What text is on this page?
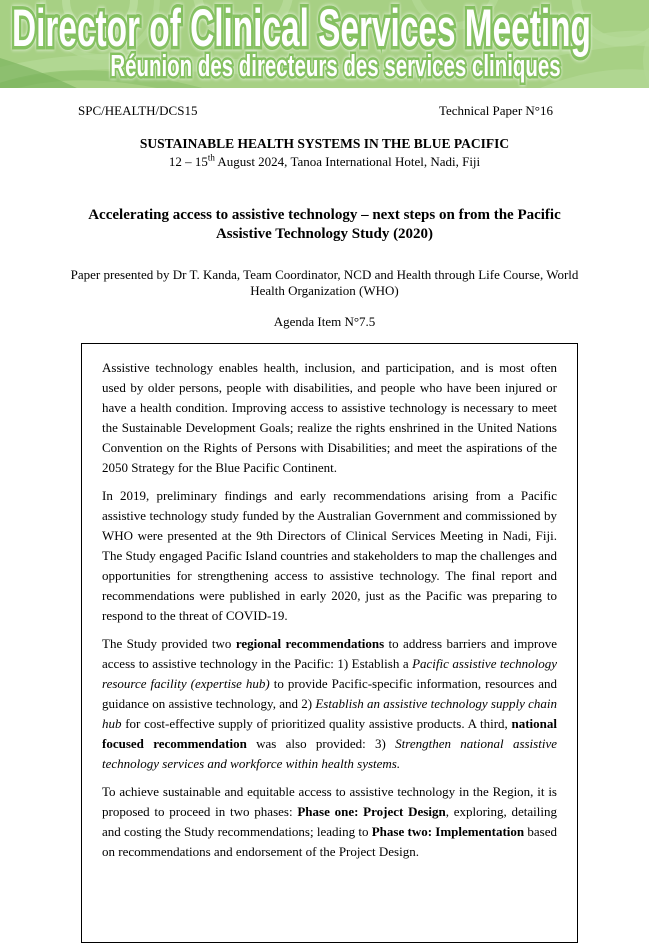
Director of Clinical Services Meeting
Réunion des directeurs des services cliniques
SPC/HEALTH/DCS15	Technical Paper N°16
SUSTAINABLE HEALTH SYSTEMS IN THE BLUE PACIFIC
12 – 15th August 2024, Tanoa International Hotel, Nadi, Fiji
Accelerating access to assistive technology – next steps on from the Pacific
Assistive Technology Study (2020)
Paper presented by Dr T. Kanda, Team Coordinator, NCD and Health through Life Course, World
Health Organization (WHO)
Agenda Item N°7.5

Assistive technology enables health, inclusion, and participation, and is most often used by older persons, people with disabilities, and people who have been injured or have a health condition. Improving access to assistive technology is necessary to meet the Sustainable Development Goals; realize the rights enshrined in the United Nations Convention on the Rights of Persons with Disabilities; and meet the aspirations of the 2050 Strategy for the Blue Pacific Continent.

In 2019, preliminary findings and early recommendations arising from a Pacific assistive technology study funded by the Australian Government and commissioned by WHO were presented at the 9th Directors of Clinical Services Meeting in Nadi, Fiji. The Study engaged Pacific Island countries and stakeholders to map the challenges and opportunities for strengthening access to assistive technology. The final report and recommendations were published in early 2020, just as the Pacific was preparing to respond to the threat of COVID-19.

The Study provided two regional recommendations to address barriers and improve access to assistive technology in the Pacific: 1) Establish a Pacific assistive technology resource facility (expertise hub) to provide Pacific-specific information, resources and guidance on assistive technology, and 2) Establish an assistive technology supply chain hub for cost-effective supply of prioritized quality assistive products. A third, national focused recommendation was also provided: 3) Strengthen national assistive technology services and workforce within health systems.

To achieve sustainable and equitable access to assistive technology in the Region, it is proposed to proceed in two phases: Phase one: Project Design, exploring, detailing and costing the Study recommendations; leading to Phase two: Implementation based on recommendations and endorsement of the Project Design.
